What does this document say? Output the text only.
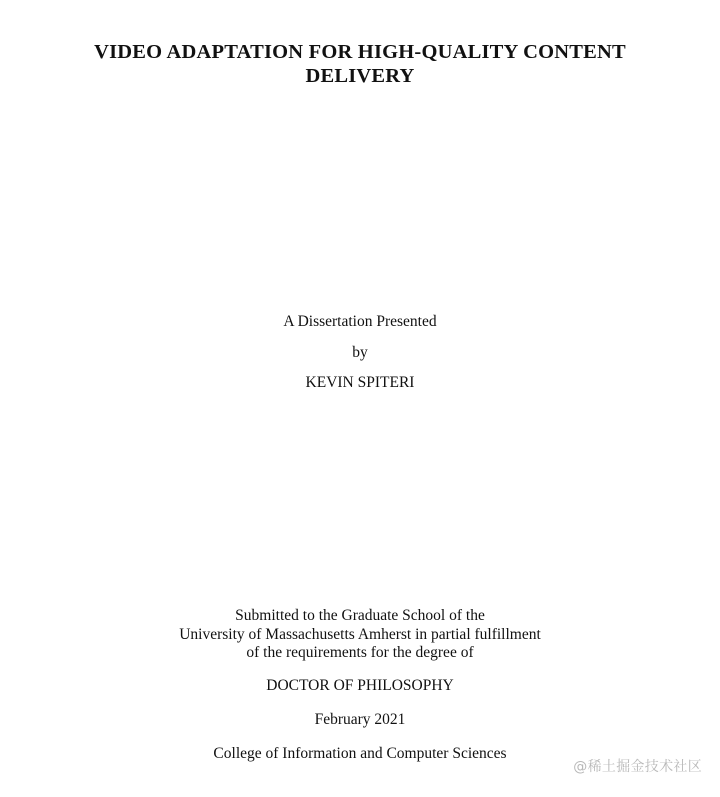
VIDEO ADAPTATION FOR HIGH-QUALITY CONTENT
DELIVERY
A Dissertation Presented
by
KEVIN SPITERI
Submitted to the Graduate School of the
University of Massachusetts Amherst in partial fulfillment
of the requirements for the degree of
DOCTOR OF PHILOSOPHY
February 2021
College of Information and Computer Sciences
@稀土掘金技术社区
